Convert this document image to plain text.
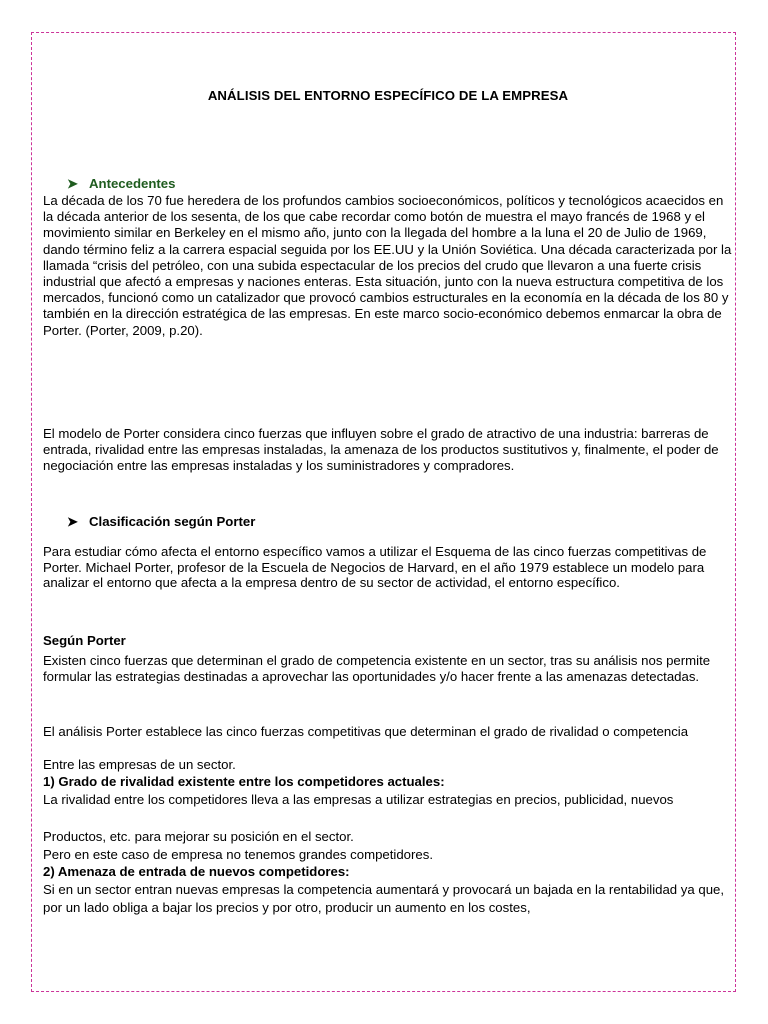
ANÁLISIS DEL ENTORNO ESPECÍFICO DE LA EMPRESA
➤ Antecedentes

La década de los 70 fue heredera de los profundos cambios socioeconómicos, políticos y tecnológicos acaecidos en la década anterior de los sesenta, de los que cabe recordar como botón de muestra el mayo francés de 1968 y el movimiento similar en Berkeley en el mismo año, junto con la llegada del hombre a la luna el 20 de Julio de 1969, dando término feliz a la carrera espacial seguida por los EE.UU y la Unión Soviética. Una década caracterizada por la llamada “crisis del petróleo, con una subida espectacular de los precios del crudo que llevaron a una fuerte crisis industrial que afectó a empresas y naciones enteras. Esta situación, junto con la nueva estructura competitiva de los mercados, funcionó como un catalizador que provocó cambios estructurales en la economía en la década de los 80 y también en la dirección estratégica de las empresas. En este marco socio-económico debemos enmarcar la obra de Porter. (Porter, 2009, p.20).

El modelo de Porter considera cinco fuerzas que influyen sobre el grado de atractivo de una industria: barreras de entrada, rivalidad entre las empresas instaladas, la amenaza de los productos sustitutivos y, finalmente, el poder de negociación entre las empresas instaladas y los suministradores y compradores.

➤ Clasificación según Porter

Para estudiar cómo afecta el entorno específico vamos a utilizar el Esquema de las cinco fuerzas competitivas de Porter. Michael Porter, profesor de la Escuela de Negocios de Harvard, en el año 1979 establece un modelo para analizar el entorno que afecta a la empresa dentro de su sector de actividad, el entorno específico.

Según Porter

Existen cinco fuerzas que determinan el grado de competencia existente en un sector, tras su análisis nos permite formular las estrategias destinadas a aprovechar las oportunidades y/o hacer frente a las amenazas detectadas.

El análisis Porter establece las cinco fuerzas competitivas que determinan el grado de rivalidad o competencia

Entre las empresas de un sector.

1) Grado de rivalidad existente entre los competidores actuales:

La rivalidad entre los competidores lleva a las empresas a utilizar estrategias en precios, publicidad, nuevos

Productos, etc. para mejorar su posición en el sector.

Pero en este caso de empresa no tenemos grandes competidores.

2) Amenaza de entrada de nuevos competidores:

Si en un sector entran nuevas empresas la competencia aumentará y provocará un bajada en la rentabilidad ya que, por un lado obliga a bajar los precios y por otro, producir un aumento en los costes,
